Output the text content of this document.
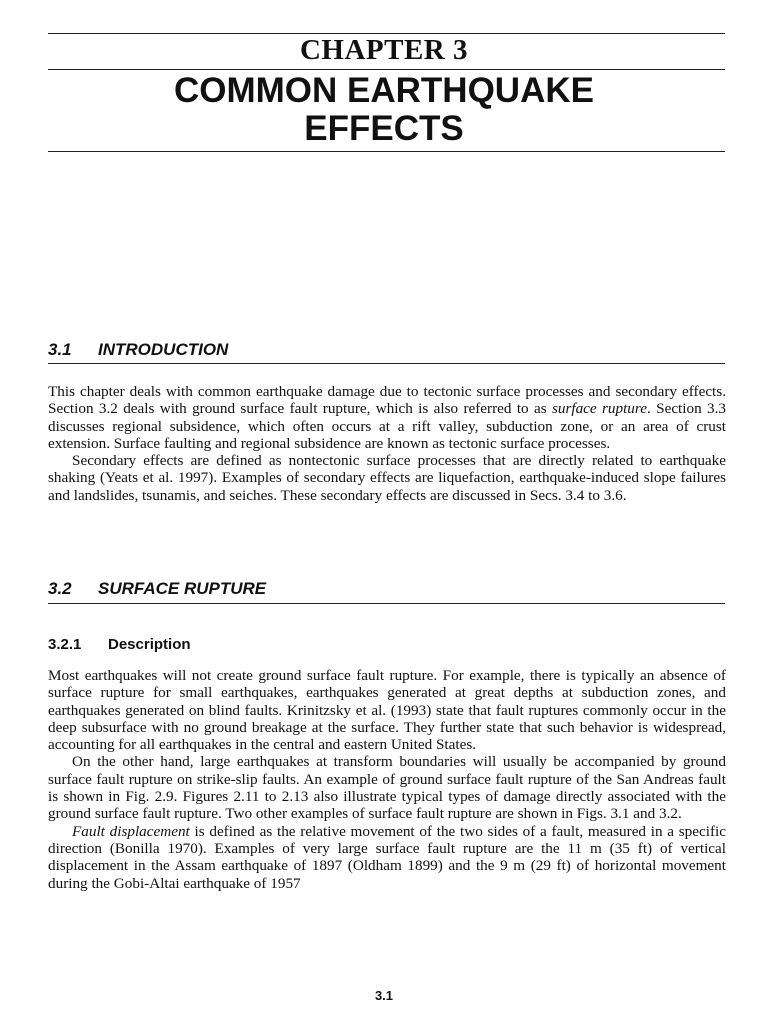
CHAPTER 3
COMMON EARTHQUAKE EFFECTS
3.1 INTRODUCTION

This chapter deals with common earthquake damage due to tectonic surface processes and secondary effects. Section 3.2 deals with ground surface fault rupture, which is also referred to as surface rupture. Section 3.3 discusses regional subsidence, which often occurs at a rift valley, subduction zone, or an area of crust extension. Surface faulting and regional subsidence are known as tectonic surface processes.

Secondary effects are defined as nontectonic surface processes that are directly related to earthquake shaking (Yeats et al. 1997). Examples of secondary effects are liquefaction, earthquake-induced slope failures and landslides, tsunamis, and seiches. These secondary effects are discussed in Secs. 3.4 to 3.6.

3.2 SURFACE RUPTURE
3.2.1 Description

Most earthquakes will not create ground surface fault rupture. For example, there is typically an absence of surface rupture for small earthquakes, earthquakes generated at great depths at subduction zones, and earthquakes generated on blind faults. Krinitzsky et al. (1993) state that fault ruptures commonly occur in the deep subsurface with no ground breakage at the surface. They further state that such behavior is widespread, accounting for all earthquakes in the central and eastern United States.

On the other hand, large earthquakes at transform boundaries will usually be accompanied by ground surface fault rupture on strike-slip faults. An example of ground surface fault rupture of the San Andreas fault is shown in Fig. 2.9. Figures 2.11 to 2.13 also illustrate typical types of damage directly associated with the ground surface fault rupture. Two other examples of surface fault rupture are shown in Figs. 3.1 and 3.2.

Fault displacement is defined as the relative movement of the two sides of a fault, measured in a specific direction (Bonilla 1970). Examples of very large surface fault rupture are the 11 m (35 ft) of vertical displacement in the Assam earthquake of 1897 (Oldham 1899) and the 9 m (29 ft) of horizontal movement during the Gobi-Altai earthquake of 1957

3.1
